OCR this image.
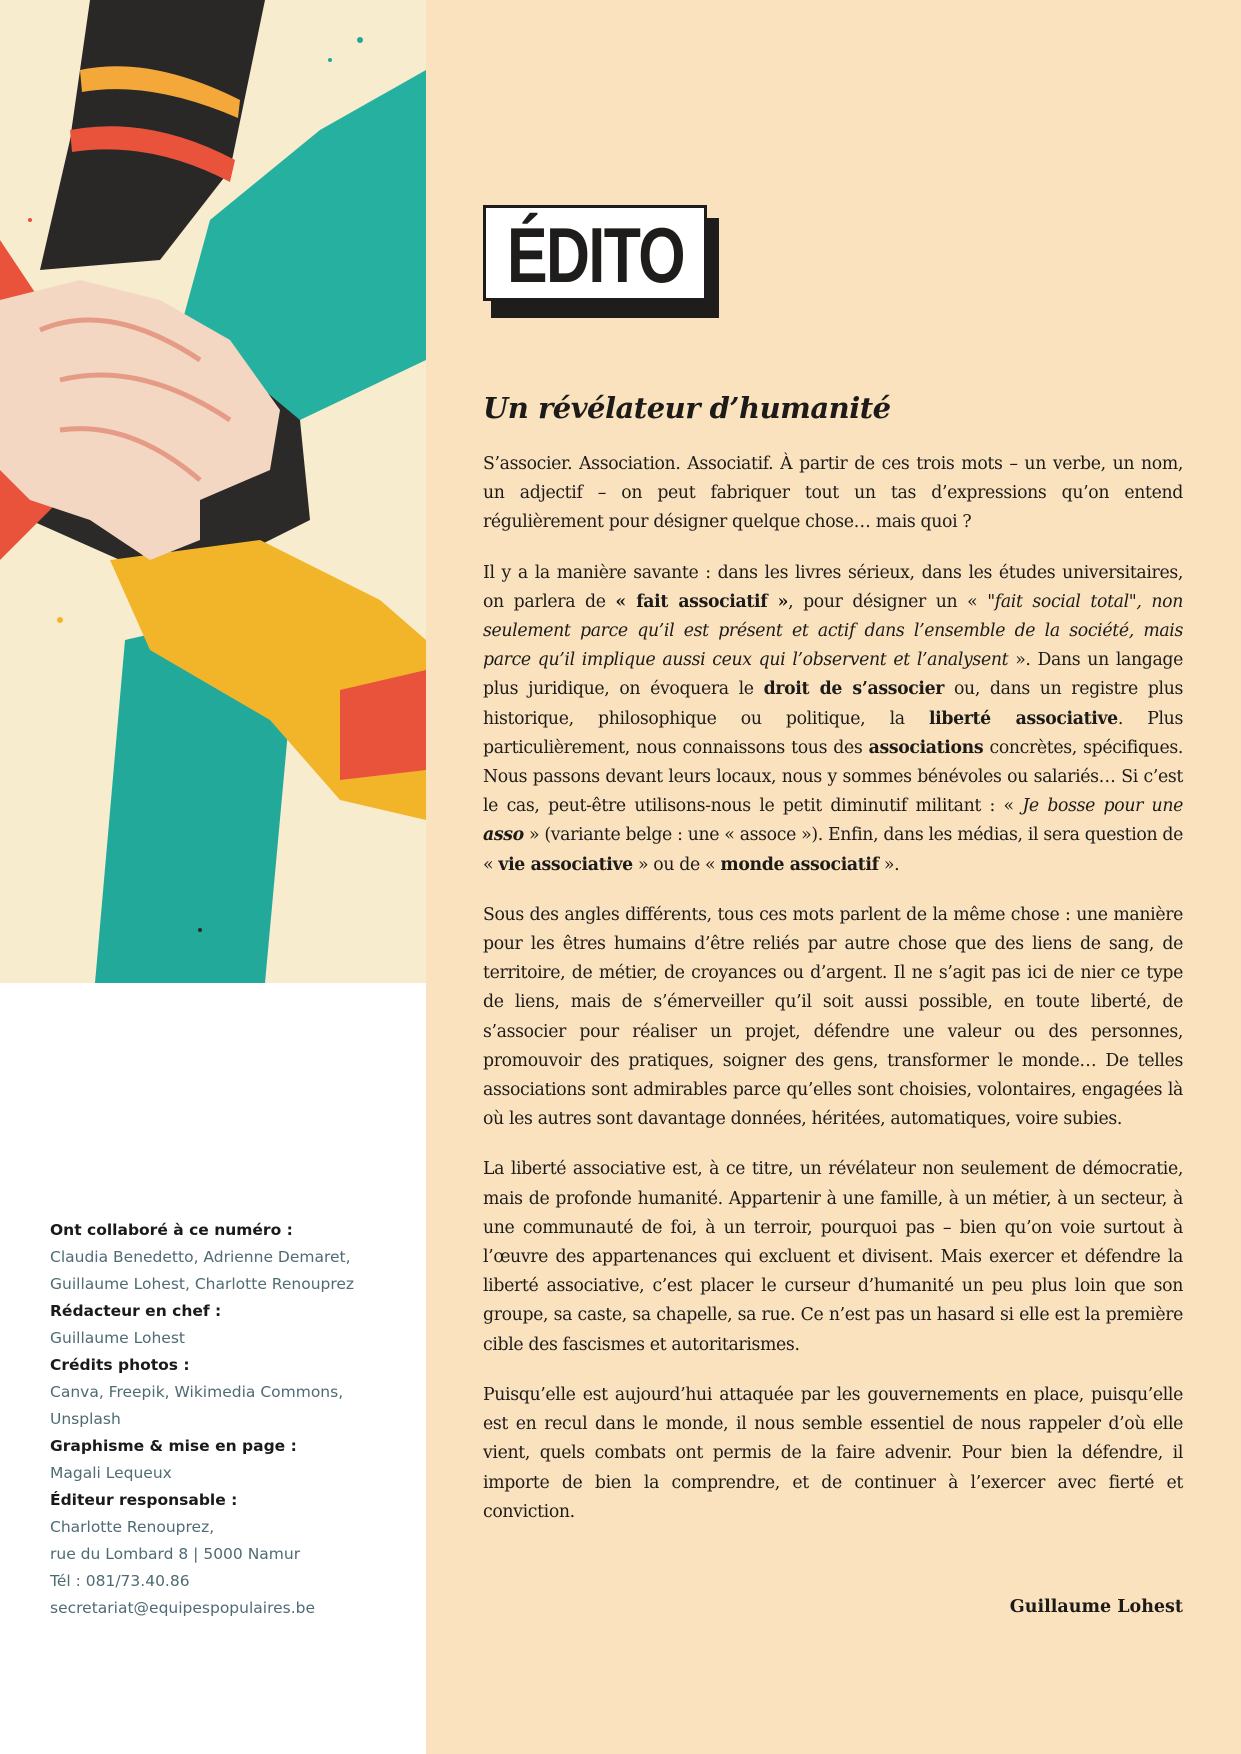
Ont collaboré à ce numéro :
Claudia Benedetto, Adrienne Demaret,
Guillaume Lohest, Charlotte Renouprez
Rédacteur en chef :
Guillaume Lohest
Crédits photos :
Canva, Freepik, Wikimedia Commons,
Unsplash
Graphisme & mise en page :
Magali Lequeux
Éditeur responsable :
Charlotte Renouprez,
rue du Lombard 8 | 5000 Namur
Tél : 081/73.40.86
secretariat@equipespopulaires.be
ÉDITO
Un révélateur d’humanité

S’associer. Association. Associatif. À partir de ces trois mots – un verbe, un nom, un adjectif – on peut fabriquer tout un tas d’expressions qu’on entend régulièrement pour désigner quelque chose… mais quoi ?

Il y a la manière savante : dans les livres sérieux, dans les études universitaires, on parlera de « fait associatif », pour désigner un « "fait social total", non seulement parce qu’il est présent et actif dans l’ensemble de la société, mais parce qu’il implique aussi ceux qui l’observent et l’analysent ». Dans un langage plus juridique, on évoquera le droit de s’associer ou, dans un registre plus historique, philosophique ou politique, la liberté associative. Plus particulièrement, nous connaissons tous des associations concrètes, spécifiques. Nous passons devant leurs locaux, nous y sommes bénévoles ou salariés… Si c’est le cas, peut-être utilisons-nous le petit diminutif militant : « Je bosse pour une asso » (variante belge : une « assoce »). Enfin, dans les médias, il sera question de « vie associative » ou de « monde associatif ».

Sous des angles différents, tous ces mots parlent de la même chose : une manière pour les êtres humains d’être reliés par autre chose que des liens de sang, de territoire, de métier, de croyances ou d’argent. Il ne s’agit pas ici de nier ce type de liens, mais de s’émerveiller qu’il soit aussi possible, en toute liberté, de s’associer pour réaliser un projet, défendre une valeur ou des personnes, promouvoir des pratiques, soigner des gens, transformer le monde… De telles associations sont admirables parce qu’elles sont choisies, volontaires, engagées là où les autres sont davantage données, héritées, automatiques, voire subies.

La liberté associative est, à ce titre, un révélateur non seulement de démocratie, mais de profonde humanité. Appartenir à une famille, à un métier, à un secteur, à une communauté de foi, à un terroir, pourquoi pas – bien qu’on voie surtout à l’œuvre des appartenances qui excluent et divisent. Mais exercer et défendre la liberté associative, c’est placer le curseur d’humanité un peu plus loin que son groupe, sa caste, sa chapelle, sa rue. Ce n’est pas un hasard si elle est la première cible des fascismes et autoritarismes.

Puisqu’elle est aujourd’hui attaquée par les gouvernements en place, puisqu’elle est en recul dans le monde, il nous semble essentiel de nous rappeler d’où elle vient, quels combats ont permis de la faire advenir. Pour bien la défendre, il importe de bien la comprendre, et de continuer à l’exercer avec fierté et conviction.

Guillaume Lohest
